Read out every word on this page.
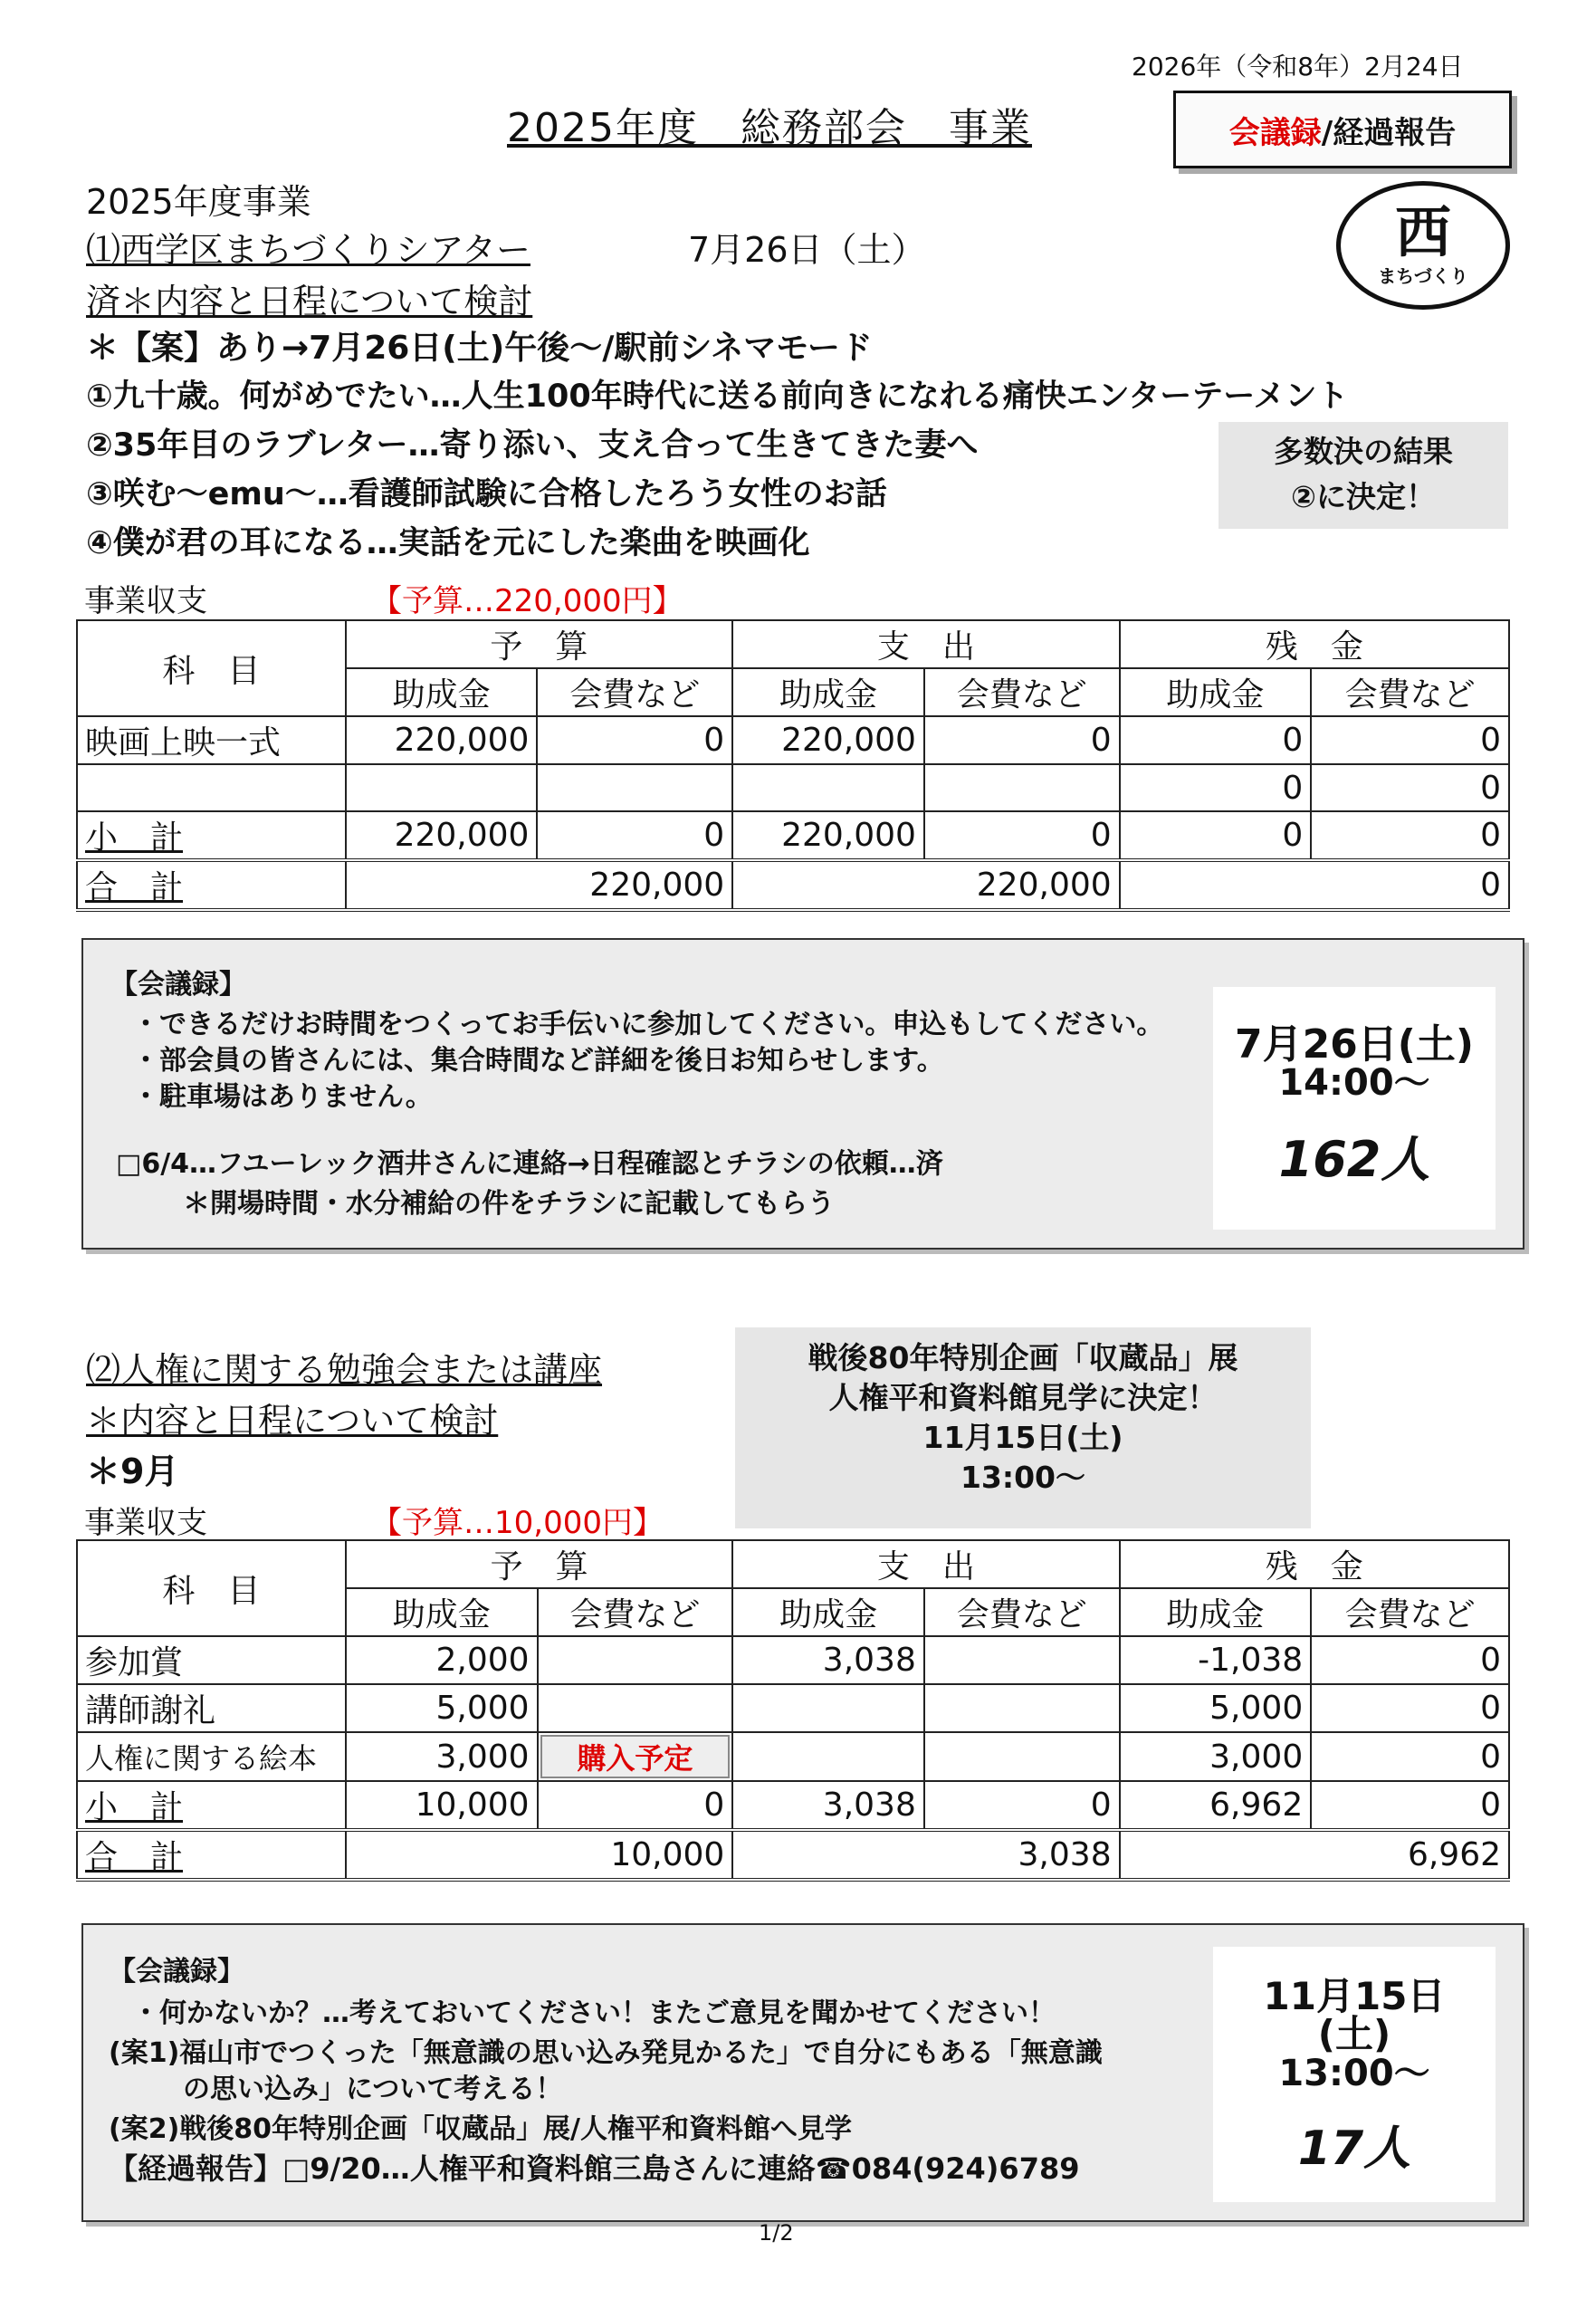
2026年（令和8年）2月24日
2025年度　総務部会　事業	会議録 /経過報告
西
まちづくり
2025年度事業
⑴西学区まちづくりシアター	7月26日（土）
済＊内容と日程について検討
＊【案】あり→7月26日(土)午後～/駅前シネマモード
①九十歳。何がめでたい…人生100年時代に送る前向きになれる痛快エンターテーメント
②35年目のラブレター…寄り添い、支え合って生きてきた妻へ
③咲む～emu～…看護師試験に合格したろう女性のお話
④僕が君の耳になる…実話を元にした楽曲を映画化
多数決の結果
②に決定！
事業収支	【予算…220,000円】
科　目	予　算		支　出		残　金	
	助成金	会費など	助成金	会費など	助成金	会費など
映画上映一式	220,000	0	220,000	0	0	0
					0	0
小　計	220,000	0	220,000	0	0	0
合　計	220,000		220,000		0	
【会議録】
・できるだけお時間をつくってお手伝いに参加してください。申込もしてください。
・部会員の皆さんには、集合時間など詳細を後日お知らせします。
・駐車場はありません。
□6/4…フユーレック酒井さんに連絡→日程確認とチラシの依頼…済
＊開場時間・水分補給の件をチラシに記載してもらう
7月26日(土)
14:00～
162人
⑵人権に関する勉強会または講座
＊内容と日程について検討
＊9月
戦後80年特別企画「収蔵品」展
人権平和資料館見学に決定！
11月15日(土)
13:00～
事業収支	【予算…10,000円】
科　目	予　算		支　出		残　金	
	助成金	会費など	助成金	会費など	助成金	会費など
参加賞	2,000		3,038		-1,038	0
講師謝礼	5,000				5,000	0
人権に関する絵本	3,000	購入予定			3,000	0
小　計	10,000	0	3,038	0	6,962	0
合　計	10,000		3,038		6,962	
【会議録】
・何かないか？…考えておいてください！またご意見を聞かせてください！
(案1)福山市でつくった「無意識の思い込み発見かるた」で自分にもある「無意識
の思い込み」について考える！
(案2)戦後80年特別企画「収蔵品」展/人権平和資料館へ見学
【経過報告】□9/20…人権平和資料館三島さんに連絡☎084(924)6789
11月15日
(土)
13:00～
17人
1/2
